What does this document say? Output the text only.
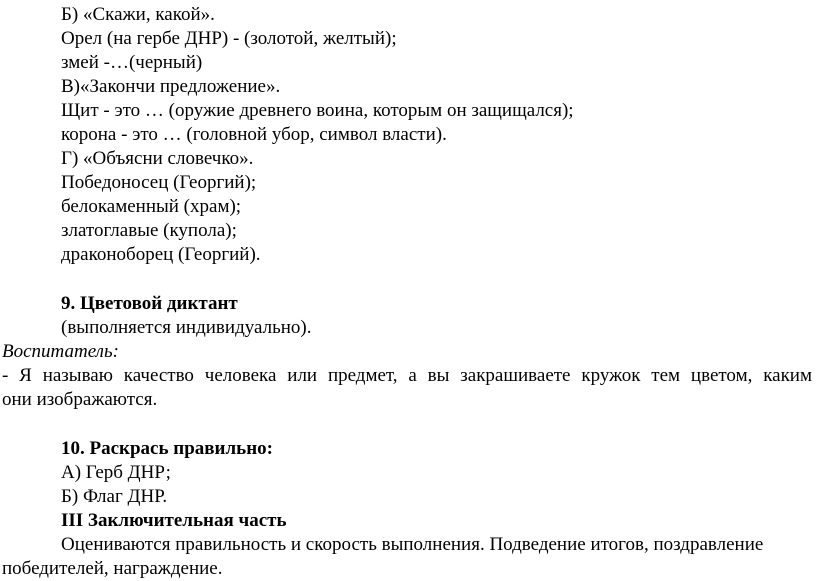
Б) «Скажи, какой».
Орел (на гербе ДНР) - (золотой, желтый);
змей -…(черный)
В)«Закончи предложение».
Щит - это … (оружие древнего воина, которым он защищался);
корона - это … (головной убор, символ власти).
Г) «Объясни словечко».
Победоносец (Георгий);
белокаменный (храм);
златоглавые (купола);
драконоборец (Георгий).
9. Цветовой диктант
(выполняется индивидуально).
Воспитатель:
- Я называю качество человека или предмет, а вы закрашиваете кружок тем цветом, каким
они изображаются.
10. Раскрась правильно:
А) Герб ДНР;
Б) Флаг ДНР.
III Заключительная часть
Оцениваются правильность и скорость выполнения. Подведение итогов, поздравление
победителей, награждение.
